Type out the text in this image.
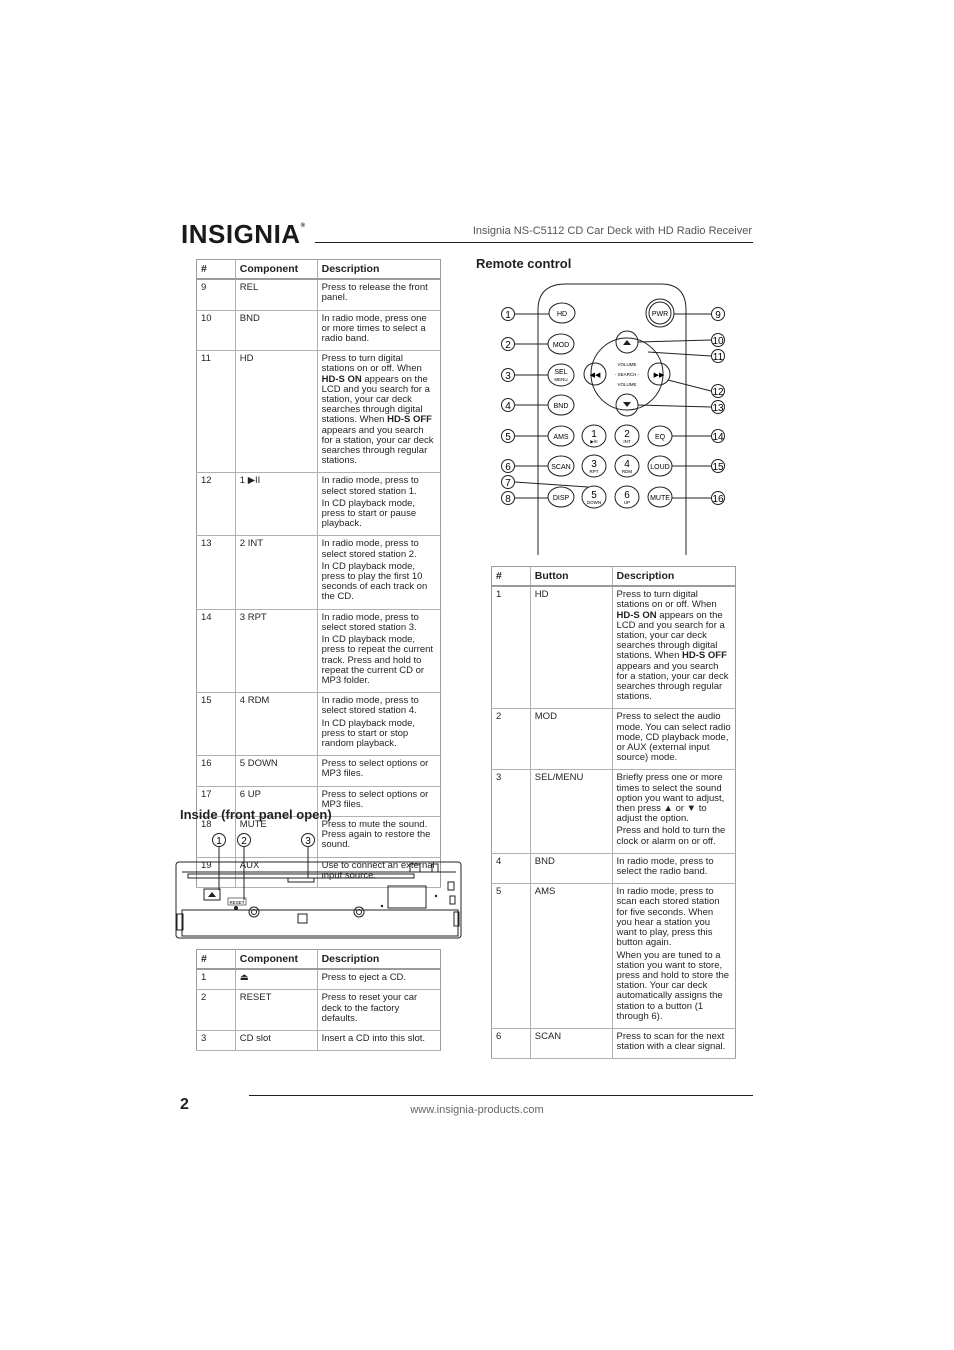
INSIGNIA®	Insignia NS-C5112 CD Car Deck with HD Radio Receiver
#	Component	Description
9	REL	Press to release the front panel.

10	BND	In radio mode, press one or more times to select a radio band.

11	HD	Press to turn digital stations on or off. When HD-S ON appears on the LCD and you search for a station, your car deck searches through digital stations. When HD-S OFF appears and you search for a station, your car deck searches through regular stations.

12	1 ▶II	In radio mode, press to select stored station 1.

In CD playback mode, press to start or pause playback.

13	2 INT	In radio mode, press to select stored station 2.

In CD playback mode, press to play the first 10 seconds of each track on the CD.

14	3 RPT	In radio mode, press to select stored station 3.

In CD playback mode, press to repeat the current track. Press and hold to repeat the current CD or MP3 folder.

15	4 RDM	In radio mode, press to select stored station 4.

In CD playback mode, press to start or stop random playback.

16	5 DOWN	Press to select options or MP3 files.

17	6 UP	Press to select options or MP3 files.

18	MUTE	Press to mute the sound. Press again to restore the sound.

19	AUX	Use to connect an external input source.

Inside (front panel open)
RESET
1 2	3
#	Component	Description
1	⏏	Press to eject a CD.

2	RESET	Press to reset your car deck to the factory defaults.

3	CD slot	Insert a CD into this slot.

Remote control
HD	PWR
MOD
SEL
MENU
BND
◀◀	▶▶
VOLUME
- SEARCH -
VOLUME
AMS 1
▶/II
2
INT
EQ
SCAN 3
RPT
4
RDM
LOUD
DISP 5
DOWN
6
UP
MUTE
1
2
3
4
5
6
7
8
9
10
11
12
13
14
15
16
#	Button	Description
1	HD	Press to turn digital stations on or off. When HD-S ON appears on the LCD and you search for a station, your car deck searches through digital stations. When HD-S OFF appears and you search for a station, your car deck searches through regular stations.

2	MOD	Press to select the audio mode. You can select radio mode, CD playback mode, or AUX (external input source) mode.

3	SEL/MENU	Briefly press one or more times to select the sound option you want to adjust, then press ▲ or ▼ to adjust the option.

Press and hold to turn the clock or alarm on or off.

4	BND	In radio mode, press to select the radio band.

5	AMS	In radio mode, press to scan each stored station for five seconds. When you hear a station you want to play, press this button again.

When you are tuned to a station you want to store, press and hold to store the station. Your car deck automatically assigns the station to a button (1 through 6).

6	SCAN	Press to scan for the next station with a clear signal.

2	www.insignia-products.com
